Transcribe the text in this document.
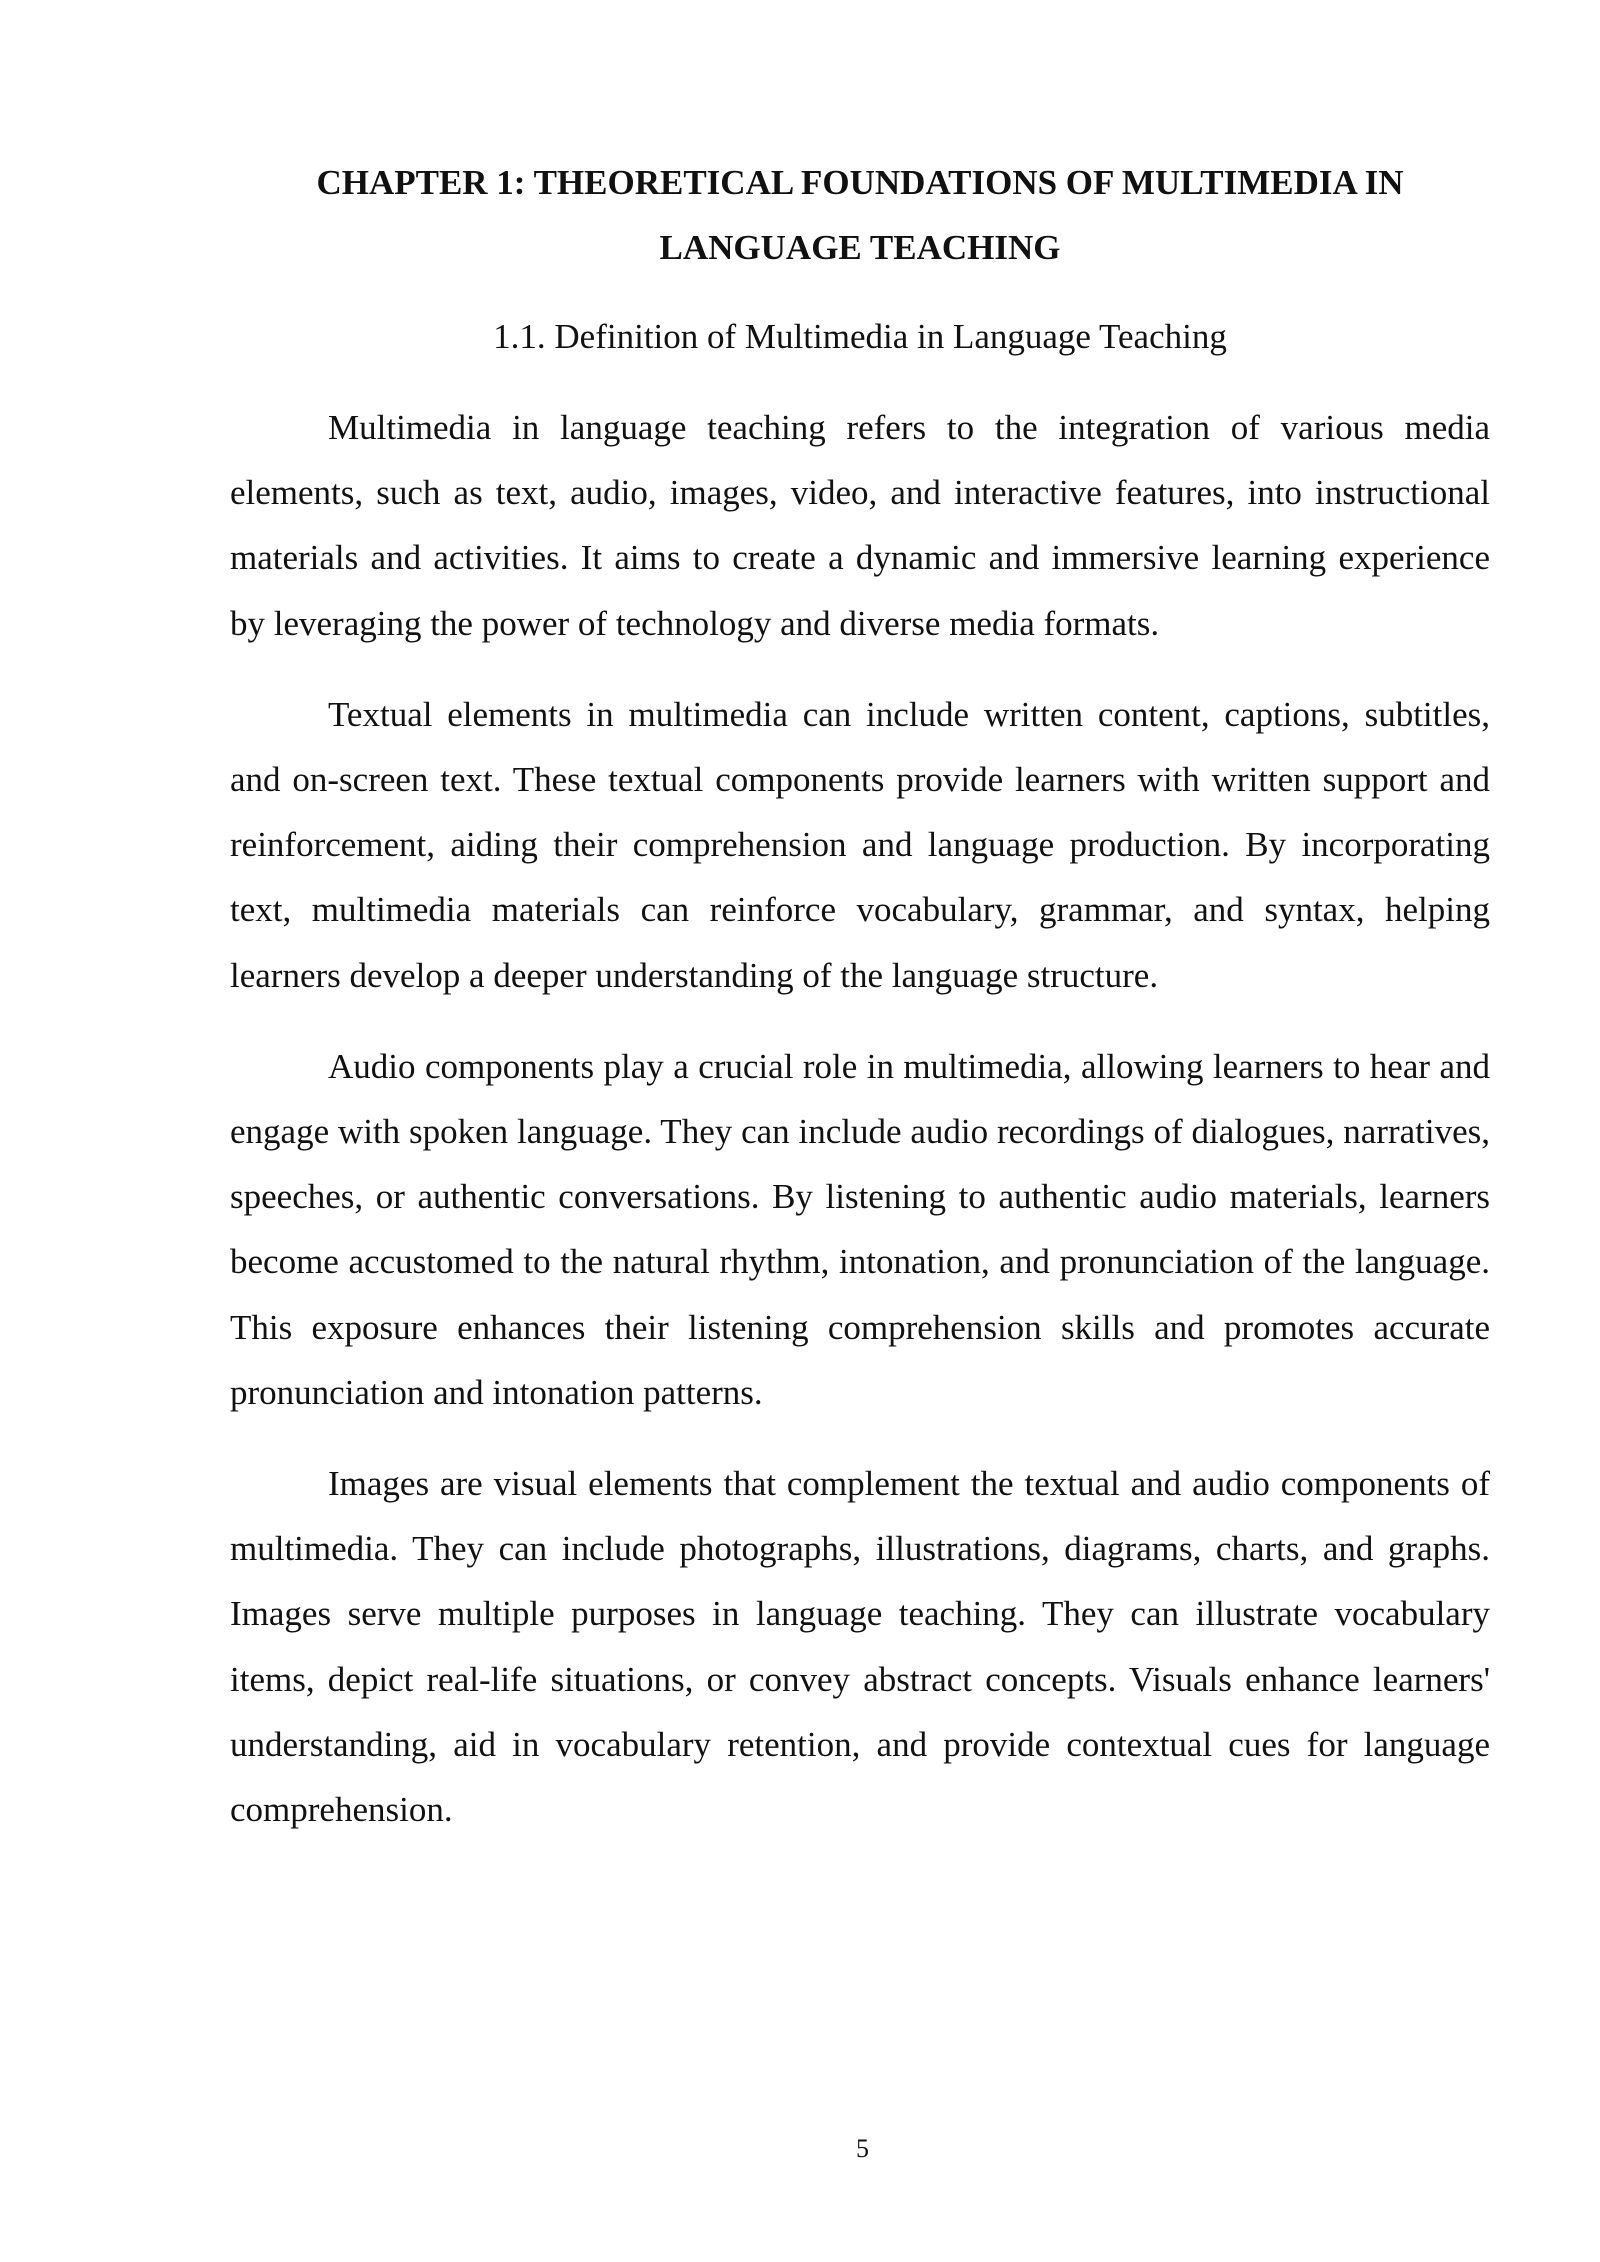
CHAPTER 1: THEORETICAL FOUNDATIONS OF MULTIMEDIA IN LANGUAGE TEACHING
1.1. Definition of Multimedia in Language Teaching

Multimedia in language teaching refers to the integration of various media elements, such as text, audio, images, video, and interactive features, into instructional materials and activities. It aims to create a dynamic and immersive learning experience by leveraging the power of technology and diverse media formats.

Textual elements in multimedia can include written content, captions, subtitles, and on-screen text. These textual components provide learners with written support and reinforcement, aiding their comprehension and language production. By incorporating text, multimedia materials can reinforce vocabulary, grammar, and syntax, helping learners develop a deeper understanding of the language structure.

Audio components play a crucial role in multimedia, allowing learners to hear and engage with spoken language. They can include audio recordings of dialogues, narratives, speeches, or authentic conversations. By listening to authentic audio materials, learners become accustomed to the natural rhythm, intonation, and pronunciation of the language. This exposure enhances their listening comprehension skills and promotes accurate pronunciation and intonation patterns.

Images are visual elements that complement the textual and audio components of multimedia. They can include photographs, illustrations, diagrams, charts, and graphs. Images serve multiple purposes in language teaching. They can illustrate vocabulary items, depict real-life situations, or convey abstract concepts. Visuals enhance learners' understanding, aid in vocabulary retention, and provide contextual cues for language comprehension.

5
